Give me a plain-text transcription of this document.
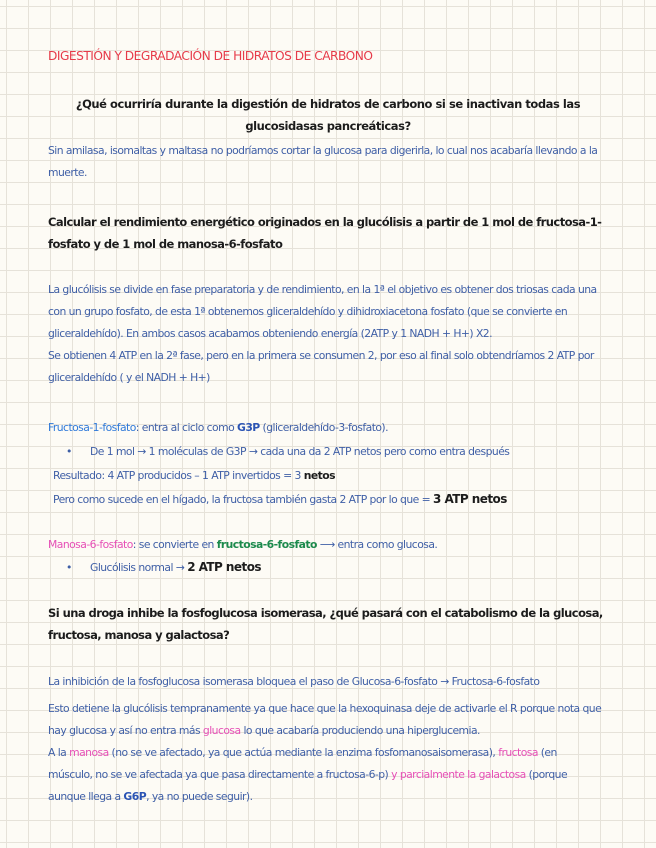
DIGESTIÓN Y DEGRADACIÓN DE HIDRATOS DE CARBONO
¿Qué ocurriría durante la digestión de hidratos de carbono si se inactivan todas las glucosidasas pancreáticas?
Sin amilasa, isomaltas y maltasa no podríamos cortar la glucosa para digerirla, lo cual nos acabaría llevando a la muerte.
Calcular el rendimiento energético originados en la glucólisis a partir de 1 mol de fructosa-1-fosfato y de 1 mol de manosa-6-fosfato
La glucólisis se divide en fase preparatoria y de rendimiento, en la 1ª el objetivo es obtener dos triosas cada una con un grupo fosfato, de esta 1ª obtenemos gliceraldehído y dihidroxiacetona fosfato (que se convierte en gliceraldehído). En ambos casos acabamos obteniendo energía (2ATP y 1 NADH + H+) X2.
Se obtienen 4 ATP en la 2ª fase, pero en la primera se consumen 2, por eso al final solo obtendríamos 2 ATP por gliceraldehído ( y el NADH + H+)
Fructosa-1-fosfato: entra al ciclo como G3P (gliceraldehído-3-fosfato).
• De 1 mol → 1 moléculas de G3P → cada una da 2 ATP netos pero como entra después
Resultado: 4 ATP producidos – 1 ATP invertidos = 3 netos
Pero como sucede en el hígado, la fructosa también gasta 2 ATP por lo que = 3 ATP netos
Manosa-6-fosfato: se convierte en fructosa-6-fosfato ⟶ entra como glucosa.
• Glucólisis normal → 2 ATP netos
Si una droga inhibe la fosfoglucosa isomerasa, ¿qué pasará con el catabolismo de la glucosa, fructosa, manosa y galactosa?
La inhibición de la fosfoglucosa isomerasa bloquea el paso de Glucosa-6-fosfato → Fructosa-6-fosfato
Esto detiene la glucólisis tempranamente ya que hace que la hexoquinasa deje de activarle el R porque nota que hay glucosa y así no entra más glucosa lo que acabaría produciendo una hiperglucemia.
A la manosa (no se ve afectado, ya que actúa mediante la enzima fosfomanosaisomerasa), fructosa (en músculo, no se ve afectada ya que pasa directamente a fructosa-6-p) y parcialmente la galactosa (porque aunque llega a G6P, ya no puede seguir).
